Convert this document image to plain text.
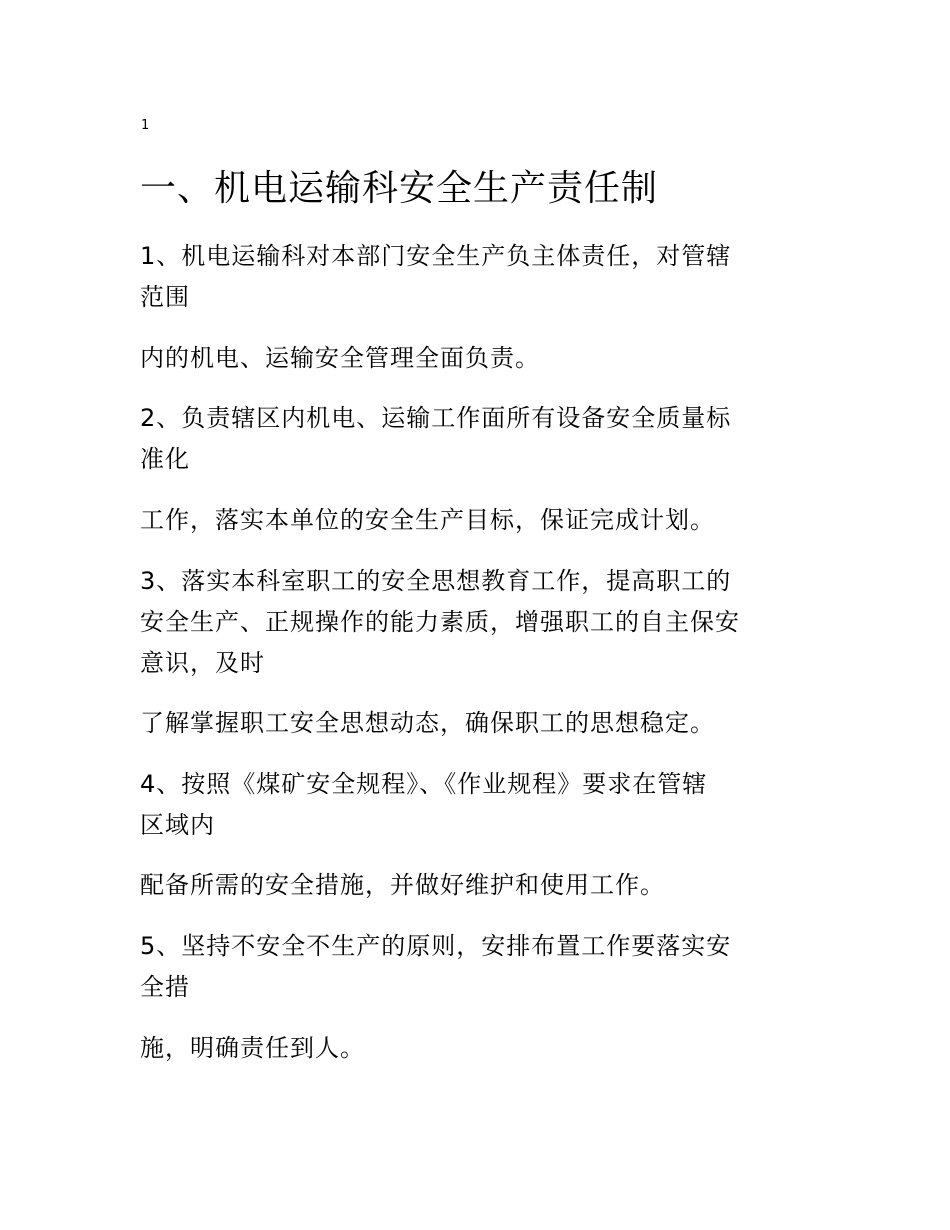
1
一、机电运输科安全生产责任制
1、机电运输科对本部门安全生产负主体责任，对管辖
范围
内的机电、运输安全管理全面负责。
2、负责辖区内机电、运输工作面所有设备安全质量标
准化
工作，落实本单位的安全生产目标，保证完成计划。
3、落实本科室职工的安全思想教育工作，提高职工的
安全生产、正规操作的能力素质，增强职工的自主保安
意识，及时
了解掌握职工安全思想动态，确保职工的思想稳定。
4、按照《煤矿安全规程》、《作业规程》要求在管辖
区域内
配备所需的安全措施，并做好维护和使用工作。
5、坚持不安全不生产的原则，安排布置工作要落实安
全措
施，明确责任到人。
